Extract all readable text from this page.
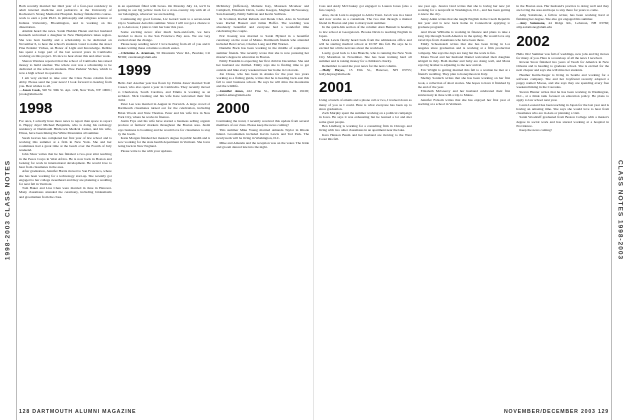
1998-2003 CLASS NOTES	CLASS NOTES 1998-2003

Both recently married but third year of a four-year residency in adult internal medicine and pediatrics at the University of Rochester's Strong Memorial Hospital. Kelsey finished his course-work to earn a joint Ph.D. in philosophy and religious science at Indiana University, Bloomington, and is working on his dissertation.

Alumni heard the news. Sarah Haddan Hazen and her husband Kenneth welcomed a daughter in New Hampshire's lakes region. She was born healthy and a scholarship to be dedicated on November 6, to hear the school's students voted to name the street Pine Perkins' Vichea, an Honor of Light and Knowledge. Debbie has spent a large part of the last several years in Cambodia working on this project. It's nice to hear about this and other work.

Sharon Wanless reported that the school of Cambodia has raised money to build another. The whole cost was a scholarship to be dedicated at the school's students. Pine Perkins' Vichea, which is now a high school in operation.

I am very excited to take over the Class Notes column from Abby. Please send me your news! I look forward to hearing from you. Best wishes to all.

—Jason Cook, 320 W. 30th St. Apt. 12R, New York, NY 10001; jcook@alum.edu

1998

For once, I actually have more news to report than space to report it. Happy days! Michael Benjamin, who is doing his radiology residency at Dartmouth Hitchcock Medical Center, and his wife, Elissa, have been hiking the White Mountains all summer.

Sarah Graves has completed her first year of law school and is working this summer at a firm in New York. She and her roommates had a great time at the beach over the Fourth of July weekend.

John Shaw writes that he has finished a two-year stint teaching in the Peace Corps in West Africa. He is now back in Boston and looking for work in international development. He would love to hear from classmates in the area.

After graduation, Jennifer Harris moved to San Francisco, where she has been working for a technology start-up. She recently got engaged to her college sweetheart and they are planning a wedding for next fall in Vermont.

Tom Baker and Lisa Chen were married in June in Hanover. Many classmates attended the ceremony, including bridesmaids and groomsmen from the class.

in an apartment filled with boxes. On Monday July 14, we'll be getting in our big yellow truck for a cross-country trip with all of our belongings, wherever we are heading.

Continuing my good fortune, Liz Gerard went to a seven-week trip to Southeast Asia this summer. Since I will not get a chance to go to Asia now, I plan to visit her later this year.

Some exciting news: after much back-and-forth, we have decided to move to the San Francisco Bay area. We are very excited about the change.

Please keep sending news! I love hearing from all of you and it makes writing these columns so much easier.

—Christine A. Arentsen, 56 Mountain View Rd., Boulder, CO 80302; carentsen@alum.edu

1999

Hello Jon! Another year has flown by. Emma Jones' married Todd Cassel, who also spent a year in Cambodia. They recently moved to Charleston, South Carolina, and Emma is working as an architect. Nick Cushing and his wife Kate welcomed their first child.

Peter Lee was married in August in Norwich. A large crowd of Dartmouth classmates turned out for the celebration, including Brian Woods and Nate Thomas. Peter and his wife live in New York City, where he works in finance.

Justin Frye and his wife have started a business selling organic produce at farmers' markets throughout the Boston area. Justin says business is booming and he would love for classmates to stop by the booth.

Katie Morgan finished her master's degree in public health and is now working for the state health department in Vermont. She loves being back in New England.

Please write to me with your updates.

McKinley (Jefferson), Melanie Kay, Maureen McAleer and Campbell, Elizabeth Davis, Leslie Keegan, Meghan McSweeney, Sara Kennelly, Emily Sullivan and Kevin Sullivan.

In Scotland, Rachel Rebuck and Derek Choi. Also in Scotland were Rachel Bassett and Jamie Hoffer. The wedding was absolutely beautiful and everyone had a wonderful time celebrating the couple.

Eric Koenig was married to Sarah Hyland in a beautiful ceremony on the coast of Maine. Dartmouth friends who attended included Ben Carver, Charles Long and Phil Warner.

Danielle Bock has been working in the middle of sophomore summer friends. She recently wrote that she is now pursuing her master's degree in education in Boston.

Emily Franklin is expecting her first child in December. She and her husband are thrilled. Emily says she is finding time to get outside and hike every weekend near her home in Colorado.

Jon Chase, who has been in Alaska for the past two years working as a fishing guide, writes that he is heading back east this fall to start business school. He says he will miss the mountains and the wildlife.

—Jennifer Ames, 422 Pine St., Philadelphia, PA 19106; jennifer.ames@alum.edu

2000

Continuing the trend, I recently received this update from several members of our class. Please keep the news coming!

This summer Mike Young married Amanda Taylor in Rhode Island. Groomsmen included Kevin Lewis and Ted Park. The newlyweds will be living in Washington, D.C.

Mike and Amanda and the reception was on the water. The bride and groom danced late into the night.

Cass and Andy McCloskey got engaged to Lauren Jones (also a fun couple).

Also, Jacob Lutz is engaged to Alicia Trent. Jacob was in a band and now works as a consultant. The two met through a mutual friend in Boston and plan to marry next summer.

In the quick-hits section of the column: Alex Bennett is heading to law school at Georgetown. Brooke Davis is teaching English in Japan.

Mark Lewis finally heard back from the admissions office and will be starting medical school at UCSF this fall. He says he is excited but a little nervous about the workload.

Lastly, good luck to Lisa Bianchi, who is running the New York City Marathon in November. She has been training hard all summer and is raising money for a children's charity.

Remember to send me your news for the next column.

—Holly Hayes, 15 Elm St., Hanover, NH 03755; holly.hayes@alum.edu

2001

Using a bunch of emails and a phone call or two, I tracked down as many of you as I could. Here is what everyone has been up to since graduation.

Zach Murphy spent the summer working on a political campaign in Iowa. He says it was exhausting but he learned a lot and met some great people.

Ben Lindberg is working for a consulting firm in Chicago and living with two other classmates in an apartment near the lake.

Kara Hanson Baum and her husband are moving to the West Coast this fall.

one year ago. Jessica Lind writes that she is loving her new job working for a nonprofit in Washington, D.C., and has been getting to know the city.

Jenny Atkin writes that she taught English in the Czech Republic last year and is now back home in Connecticut applying to graduate programs.

And Owen Williams is working in finance and plans to take a long trip through South America in the spring. He would love any travel tips from classmates who have been there.

Emily Schoenstedt writes that she has been living in Los Angeles since graduation and is working at a film production company. She says the days are long but the work is fun.

Mona Wood and her husband Daniel welcomed their daughter Abigail in July. Both mother and baby are doing well, and Mona says big brother is adjusting to the new arrival.

Eric Wright is getting married this fall to a woman he met at a friend's wedding. They plan to honeymoon in Italy.

Shelley Sonnich writes that she has been working on her first book, a collection of short stories. She hopes to have it finished by the end of the year.

Elizabeth McGreevy and her husband celebrated their first anniversary in June with a trip to Maine.

Jennifer Folsom writes that she has enjoyed her first year of teaching at a school in Vermont.

in the Boston area. Her husband's practice is doing well and they are loving the area and hope to stay there for years to come.

Amy Salomone, a fellow writer, has been working hard at finishing her degree. She also got engaged this summer.

—Amy Salomone, 44 Ridge Rd., Lebanon, NH 03766; amy.salomone@alum.edu

2002

Hello 02s! Summer was full of weddings, new jobs and big moves for many of you. Here is a round-up of all the news I received.

Rowan Snow finished two years of Teach for America in New Orleans and is heading to graduate school. She is excited for the next chapter and says she will miss her students.

Heather Kettle-Sieger is living in Seattle and working for a software company. She and her boyfriend recently adopted a puppy named Moose, and she says they are spending every free weekend hiking in the Cascades.

Steven Hunter writes that he has been working in Washington, D.C., at a think tank focused on education policy. He plans to apply to law school next year.

Laura Leonard has been teaching in Japan for the last year and is having an amazing time. She says she would love to hear from classmates who are in Asia or planning a visit.

Sarah Woodruff graduated from Boston College with a master's degree in social work and has started working at a hospital in Providence.

Keep the news coming!

128 DARTMOUTH ALUMNI MAGAZINE	NOVEMBER/DECEMBER 2003 129
